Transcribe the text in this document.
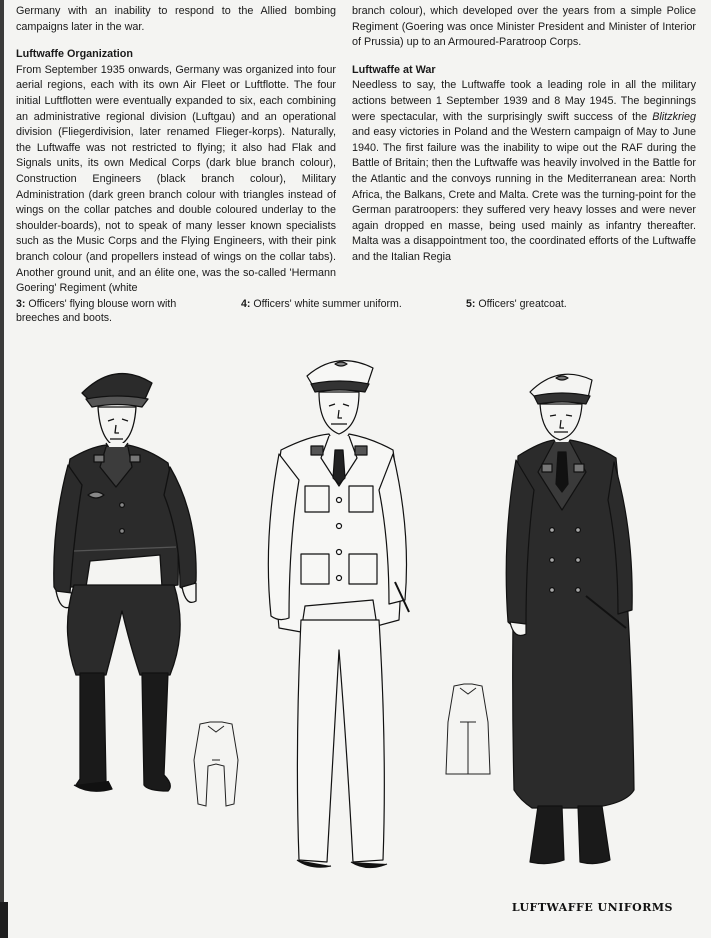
Germany with an inability to respond to the Allied bombing campaigns later in the war.

Luftwaffe Organization

From September 1935 onwards, Germany was organized into four aerial regions, each with its own Air Fleet or Luftflotte. The four initial Luftflotten were eventually expanded to six, each combining an administrative regional division (Luftgau) and an operational division (Fliegerdivision, later renamed Flieger-korps). Naturally, the Luftwaffe was not restricted to flying; it also had Flak and Signals units, its own Medical Corps (dark blue branch colour), Construction Engineers (black branch colour), Military Administration (dark green branch colour with triangles instead of wings on the collar patches and double coloured underlay to the shoulder-boards), not to speak of many lesser known specialists such as the Music Corps and the Flying Engineers, with their pink branch colour (and propellers instead of wings on the collar tabs). Another ground unit, and an élite one, was the so-called 'Hermann Goering' Regiment (white

branch colour), which developed over the years from a simple Police Regiment (Goering was once Minister President and Minister of Interior of Prussia) up to an Armoured-Paratroop Corps.

Luftwaffe at War

Needless to say, the Luftwaffe took a leading role in all the military actions between 1 September 1939 and 8 May 1945. The beginnings were spectacular, with the surprisingly swift success of the Blitzkrieg and easy victories in Poland and the Western campaign of May to June 1940. The first failure was the inability to wipe out the RAF during the Battle of Britain; then the Luftwaffe was heavily involved in the Battle for the Atlantic and the convoys running in the Mediterranean area: North Africa, the Balkans, Crete and Malta. Crete was the turning-point for the German paratroopers: they suffered very heavy losses and were never again dropped en masse, being used mainly as infantry thereafter. Malta was a disappointment too, the coordinated efforts of the Luftwaffe and the Italian Regia

3: Officers' flying blouse worn with breeches and boots.
4: Officers' white summer uniform.	5: Officers' greatcoat.
LUFTWAFFE UNIFORMS
